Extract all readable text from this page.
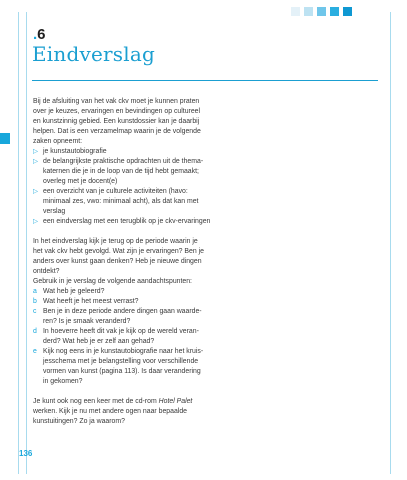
.6
Eindverslag

Bij de afsluiting van het vak ckv moet je kunnen praten
over je keuzes, ervaringen en bevindingen op cultureel
en kunstzinnig gebied. Een kunstdossier kan je daarbij
helpen. Dat is een verzamelmap waarin je de volgende
zaken opneemt:

▷ je kunstautobiografie
▷ de belangrijkste praktische opdrachten uit de thema-
katernen die je in de loop van de tijd hebt gemaakt;
overleg met je docent(e)
▷ een overzicht van je culturele activiteiten (havo:
minimaal zes, vwo: minimaal acht), als dat kan met
verslag
▷ een eindverslag met een terugblik op je ckv-ervaringen

In het eindverslag kijk je terug op de periode waarin je
het vak ckv hebt gevolgd. Wat zijn je ervaringen? Ben je
anders over kunst gaan denken? Heb je nieuwe dingen
ontdekt?
Gebruik in je verslag de volgende aandachtspunten:

a Wat heb je geleerd?
b Wat heeft je het meest verrast?
c Ben je in deze periode andere dingen gaan waarde-
ren? Is je smaak veranderd?
d In hoeverre heeft dit vak je kijk op de wereld veran-
derd? Wat heb je er zelf aan gehad?
e Kijk nog eens in je kunstautobiografie naar het kruis-
jesschema met je belangstelling voor verschillende
vormen van kunst (pagina 113). Is daar verandering
in gekomen?

Je kunt ook nog een keer met de cd-rom Hotel Palet
werken. Kijk je nu met andere ogen naar bepaalde
kunstuitingen? Zo ja waarom?

136
